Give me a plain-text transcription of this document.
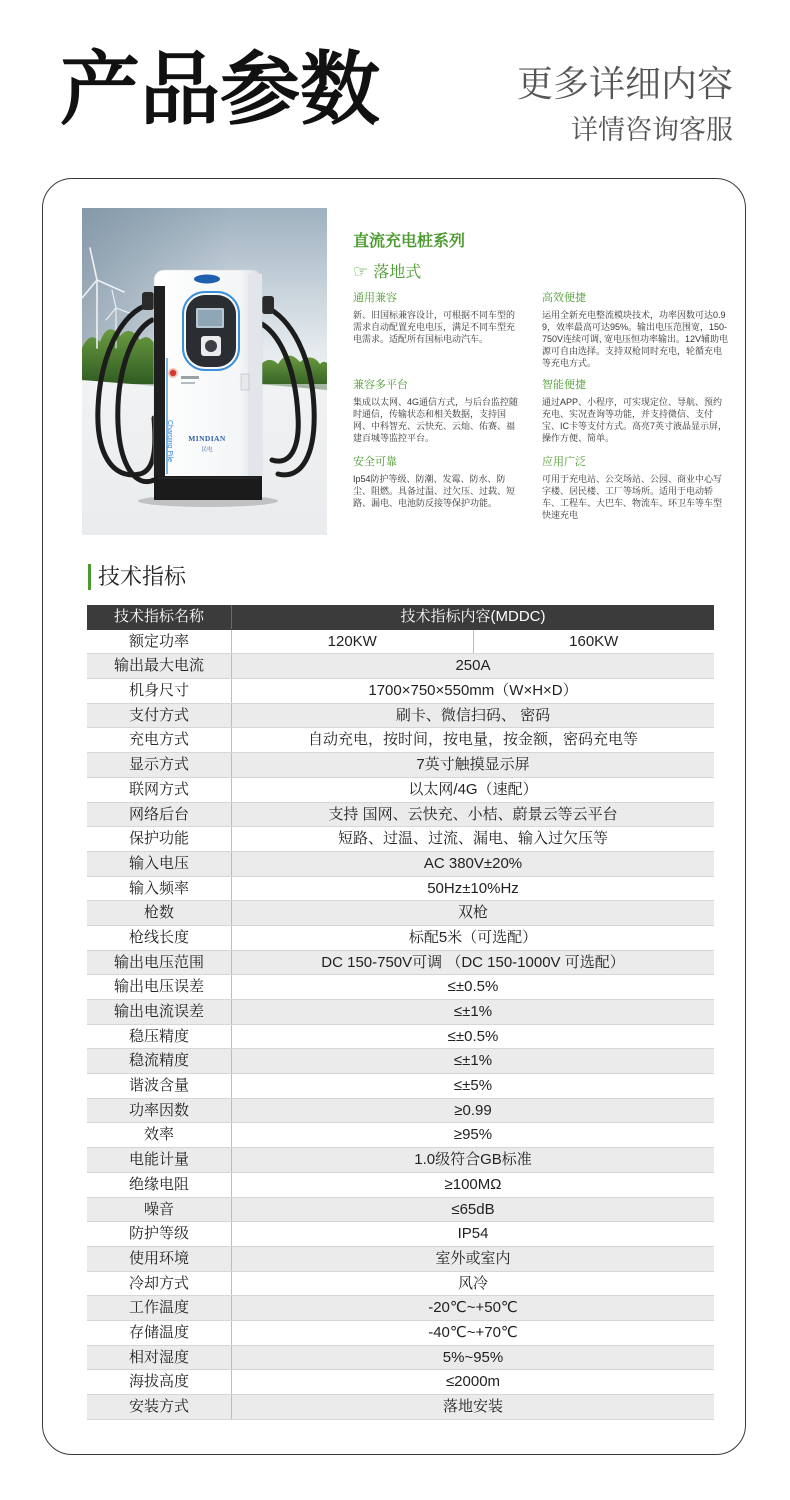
产品参数	更多详细内容
详情咨询客服
MINDIAN
民电
Charging Pile
直流充电桩系列
☞
落地式
通用兼容
新、旧国标兼容设计，可根据不同车型的需求自动配置充电电压，满足不同车型充电需求。适配所有国标电动汽车。
高效便捷
运用全新充电整流模块技术，功率因数可达0.99，效率最高可达95%。输出电压范围宽，150-750V连续可调, 宽电压恒功率输出。12V辅助电源可自由选择。支持双枪同时充电，轮循充电等充电方式。
兼容多平台
集成以太网、4G通信方式，与后台监控随时通信，传输状态和相关数据，支持国网、中科智充、云快充、云灿、佑赛、福建百城等监控平台。
智能便捷
通过APP、小程序，可实现定位、导航、预约充电、实况查询等功能，并支持微信、支付宝、IC卡等支付方式。高亮7英寸液晶显示屏，操作方便、简单。
安全可靠
Ip54防护等级、防潮、发霉、防水、防尘、阻燃。具备过温、过欠压、过载、短路、漏电、电池防反接等保护功能。
应用广泛
可用于充电站、公交场站、公园、商业中心写字楼、居民楼、工厂等场所。适用于电动轿车、工程车、大巴车、物流车、环卫车等车型快速充电
技术指标
技术指标名称	技术指标内容(MDDC)
额定功率	120KW	160KW
输出最大电流	250A
机身尺寸	1700×750×550mm（W×H×D）
支付方式	刷卡、微信扫码、 密码
充电方式	自动充电，按时间，按电量，按金额，密码充电等
显示方式	7英寸触摸显示屏
联网方式	以太网/4G（速配）
网络后台	支持 国网、云快充、小桔、蔚景云等云平台
保护功能	短路、过温、过流、漏电、输入过欠压等
输入电压	AC 380V±20%
输入频率	50Hz±10%Hz
枪数	双枪
枪线长度	标配5米（可选配）
输出电压范围	DC 150-750V可调 （DC 150-1000V 可选配）
输出电压误差	≤±0.5%
输出电流误差	≤±1%
稳压精度	≤±0.5%
稳流精度	≤±1%
谐波含量	≤±5%
功率因数	≥0.99
效率	≥95%
电能计量	1.0级符合GB标准
绝缘电阻	≥100MΩ
噪音	≤65dB
防护等级	IP54
使用环境	室外或室内
冷却方式	风冷
工作温度	-20℃~+50℃
存储温度	-40℃~+70℃
相对湿度	5%~95%
海拔高度	≤2000m
安装方式	落地安装
